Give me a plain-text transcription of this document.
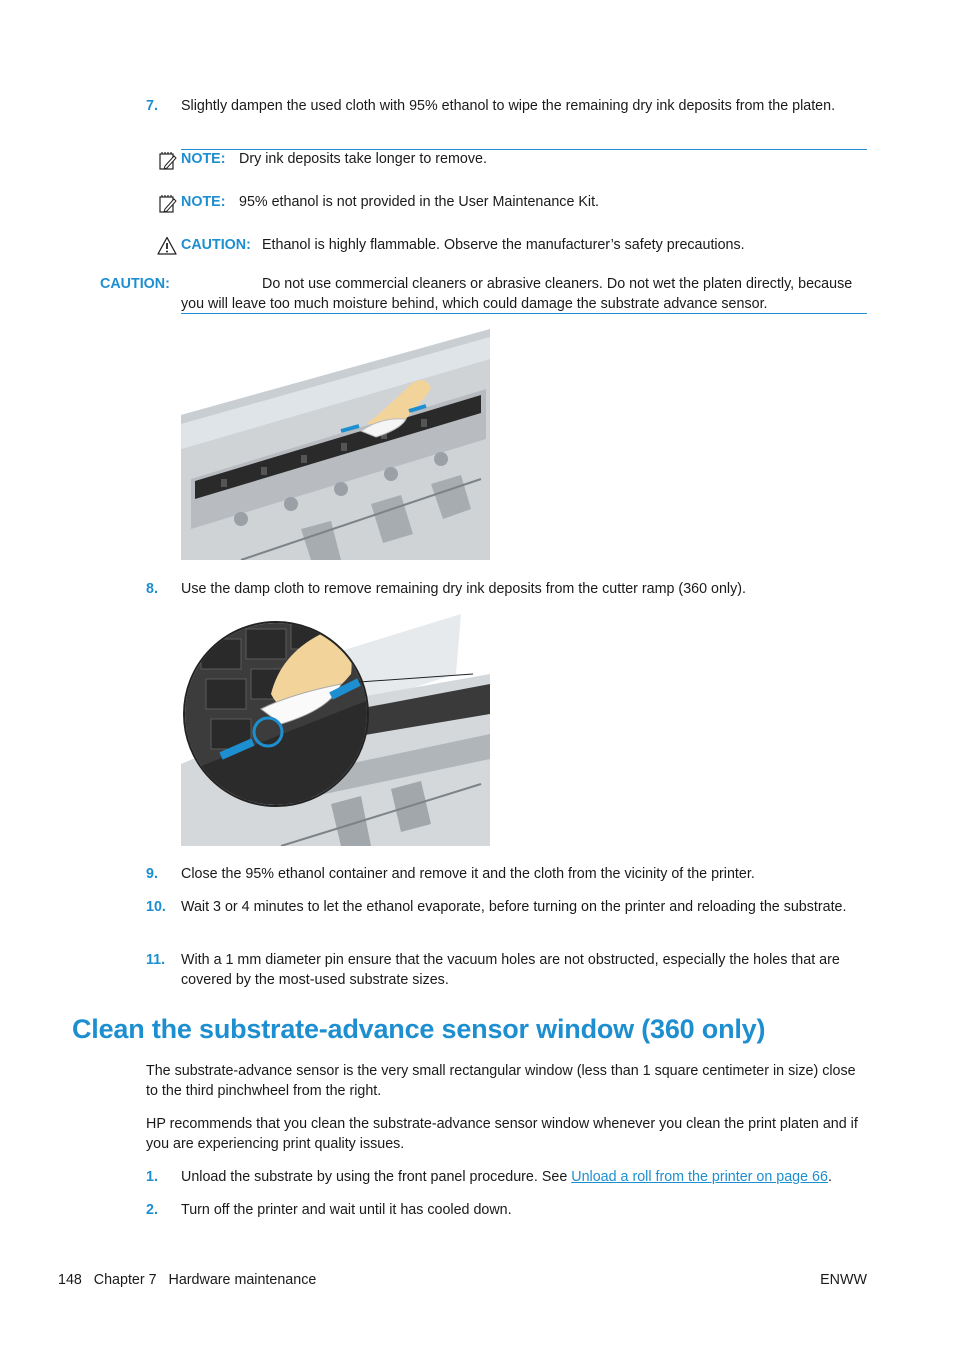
7.	Slightly dampen the used cloth with 95% ethanol to wipe the remaining dry ink deposits from the platen.
NOTE: Dry ink deposits take longer to remove.
NOTE: 95% ethanol is not provided in the User Maintenance Kit.
CAUTION: Ethanol is highly flammable. Observe the manufacturer’s safety precautions.
CAUTION:	Do not use commercial cleaners or abrasive cleaners. Do not wet the platen directly, because you will leave too much moisture behind, which could damage the substrate advance sensor.
8.	Use the damp cloth to remove remaining dry ink deposits from the cutter ramp (360 only).
9.	Close the 95% ethanol container and remove it and the cloth from the vicinity of the printer.
10.	Wait 3 or 4 minutes to let the ethanol evaporate, before turning on the printer and reloading the substrate.
11.	With a 1 mm diameter pin ensure that the vacuum holes are not obstructed, especially the holes that are covered by the most-used substrate sizes.
Clean the substrate-advance sensor window (360 only)
The substrate-advance sensor is the very small rectangular window (less than 1 square centimeter in size) close to the third pinchwheel from the right.
HP recommends that you clean the substrate-advance sensor window whenever you clean the print platen and if you are experiencing print quality issues.
1.	Unload the substrate by using the front panel procedure. See Unload a roll from the printer on page 66.
2.	Turn off the printer and wait until it has cooled down.
148 Chapter 7 Hardware maintenance	ENWW
